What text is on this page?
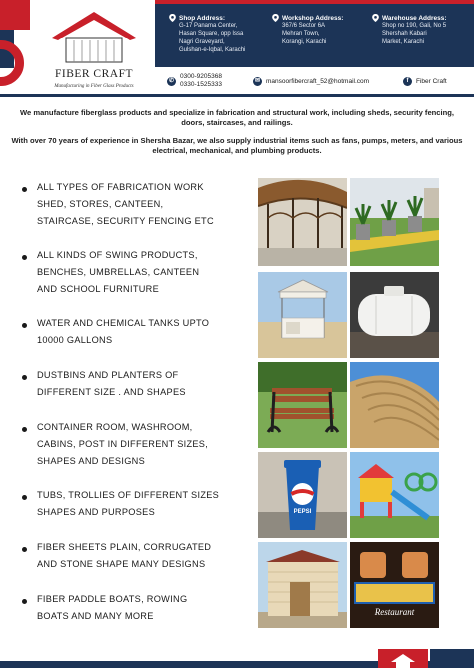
FIBER CRAFT
Manufacturing in Fiber Glass Products
Shop Address:
G-17 Panama Center,
Hasan Square, opp Issa
Nagri Graveyard,
Gulshan-e-Iqbal, Karachi
Workshop Address:
367/6 Sector 6A
Mehran Town,
Korangi, Karachi
Warehouse Address:
Shop no 190, Gali, No 5
Shershah Kabari
Market, Karachi
✆
0300-9205368
0330-1525333	✉ mansoorfibercraft_52@hotmail.com	f	Fiber Craft

We manufacture fiberglass products and specialize in fabrication and structural work, including sheds, security fencing, doors, staircases, and railings.

With over 70 years of experience in Shersha Bazar, we also supply industrial items such as fans, pumps, meters, and various electrical, mechanical, and plumbing products.

ALL TYPES OF FABRICATION WORK
SHED, STORES, CANTEEN,
STAIRCASE, SECURITY FENCING ETC
ALL KINDS OF SWING PRODUCTS,
BENCHES, UMBRELLAS, CANTEEN
AND SCHOOL FURNITURE
WATER AND CHEMICAL TANKS UPTO
10000 GALLONS
DUSTBINS AND PLANTERS OF
DIFFERENT SIZE . AND SHAPES
CONTAINER ROOM, WASHROOM,
CABINS, POST IN DIFFERENT SIZES,
SHAPES AND DESIGNS
TUBS, TROLLIES OF DIFFERENT SIZES
SHAPES AND PURPOSES
FIBER SHEETS PLAIN, CORRUGATED
AND STONE SHAPE MANY DESIGNS
FIBER PADDLE BOATS, ROWING
BOATS AND MANY MORE
PEPSI
Restaurant
